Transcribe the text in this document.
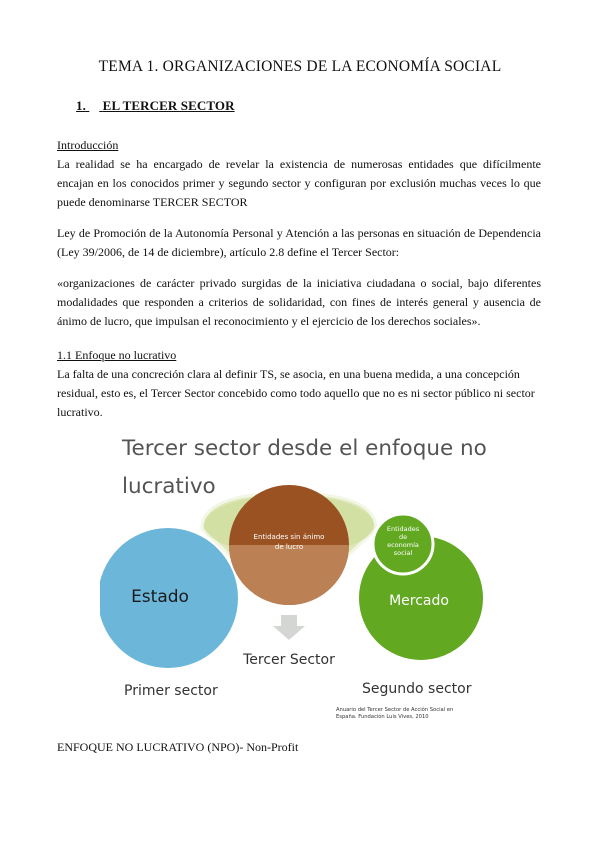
TEMA 1. ORGANIZACIONES DE LA ECONOMÍA SOCIAL
1. EL TERCER SECTOR
Introducción
La realidad se ha encargado de revelar la existencia de numerosas entidades que difícilmente encajan en los conocidos primer y segundo sector y configuran por exclusión muchas veces lo que puede denominarse TERCER SECTOR
Ley de Promoción de la Autonomía Personal y Atención a las personas en situación de Dependencia (Ley 39/2006, de 14 de diciembre), artículo 2.8 define el Tercer Sector:
«organizaciones de carácter privado surgidas de la iniciativa ciudadana o social, bajo diferentes modalidades que responden a criterios de solidaridad, con fines de interés general y ausencia de ánimo de lucro, que impulsan el reconocimiento y el ejercicio de los derechos sociales».
1.1 Enfoque no lucrativo
La falta de una concreción clara al definir TS, se asocia, en una buena medida, a una concepción residual, esto es, el Tercer Sector concebido como todo aquello que no es ni sector público ni sector lucrativo.
Tercer sector desde el enfoque no
lucrativo
Estado	Mercado
Entidades sin ánimo
de lucro
Entidades
de
economía
social
Tercer Sector
Primer sector	Segundo sector
Anuario del Tercer Sector de Acción Social en
España. Fundación Luis Vives, 2010
ENFOQUE NO LUCRATIVO (NPO)- Non-Profit
